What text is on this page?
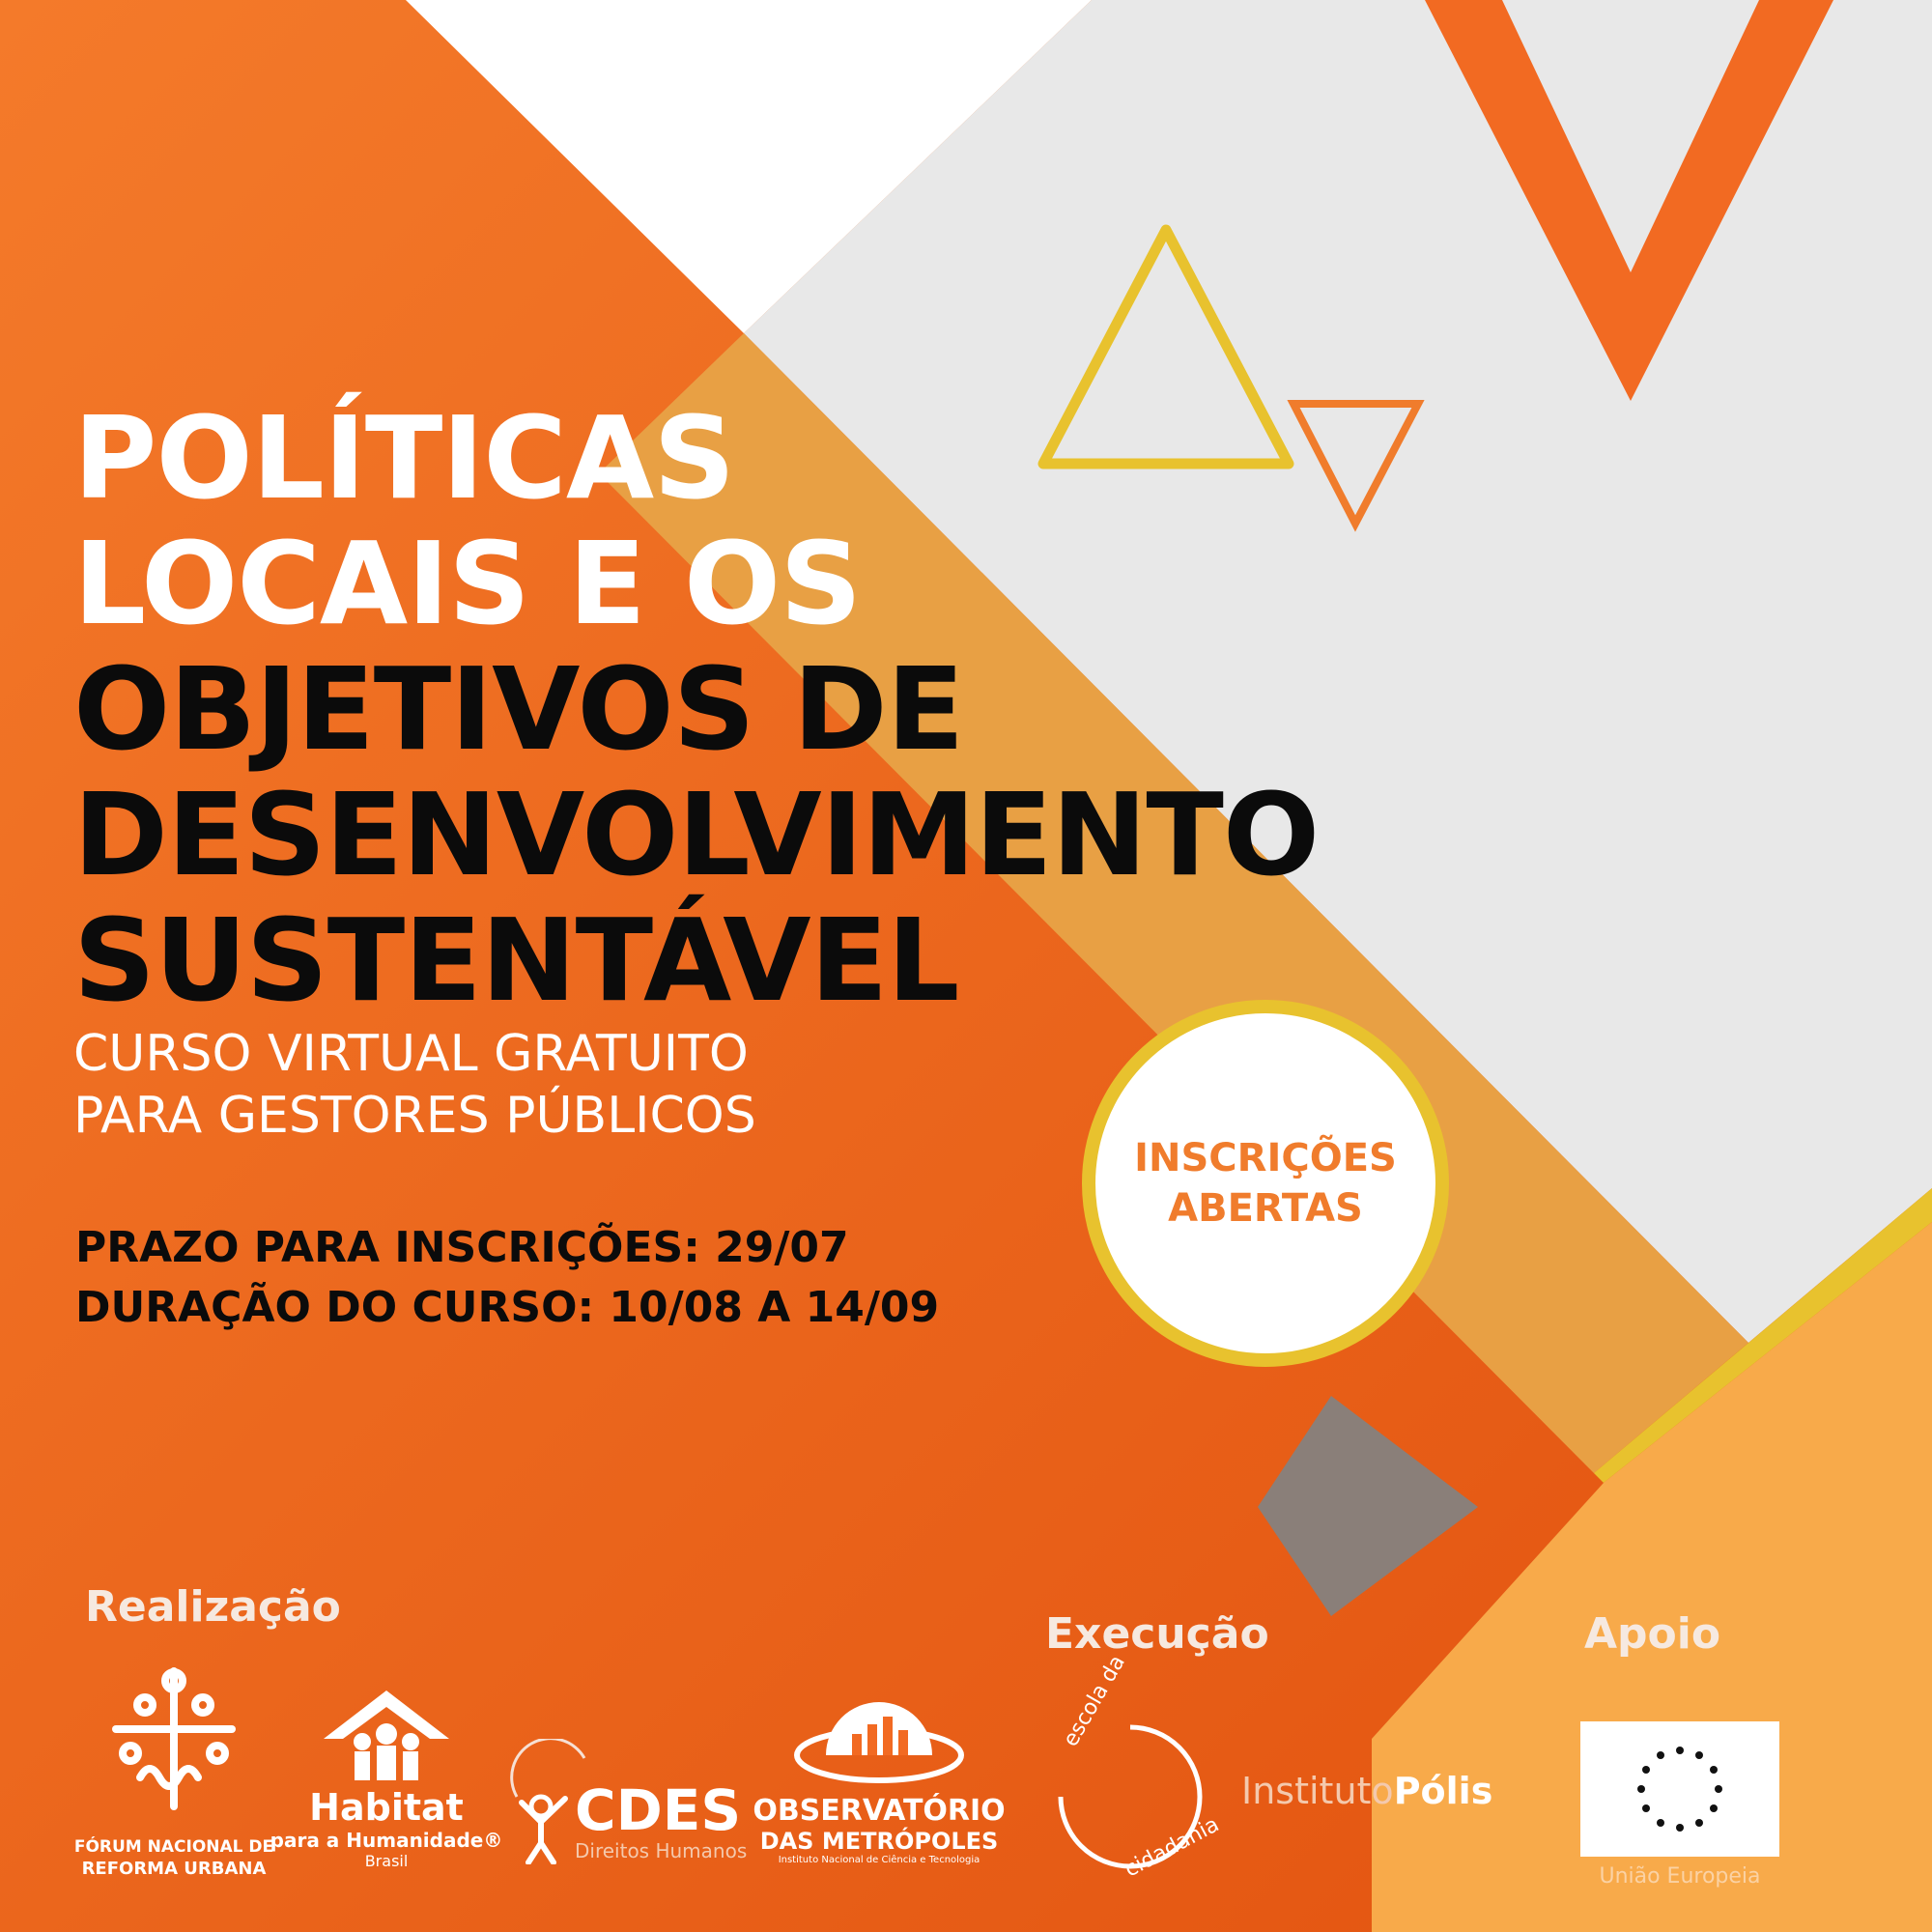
POLÍTICAS
LOCAIS E OS
OBJETIVOS DE
DESENVOLVIMENTO
SUSTENTÁVEL
CURSO VIRTUAL GRATUITO
PARA GESTORES PÚBLICOS
PRAZO PARA INSCRIÇÕES: 29/07
DURAÇÃO DO CURSO: 10/08 A 14/09
INSCRIÇÕES
ABERTAS
Realização
Execução	Apoio
FÓRUM NACIONAL DE
REFORMA URBANA
Habitat
para a Humanidade®
Brasil
CDES
Direitos Humanos
OBSERVATÓRIO
DAS METRÓPOLES
Instituto Nacional de Ciência e Tecnologia
escola da
cidadania
InstitutoPólis
União Europeia
